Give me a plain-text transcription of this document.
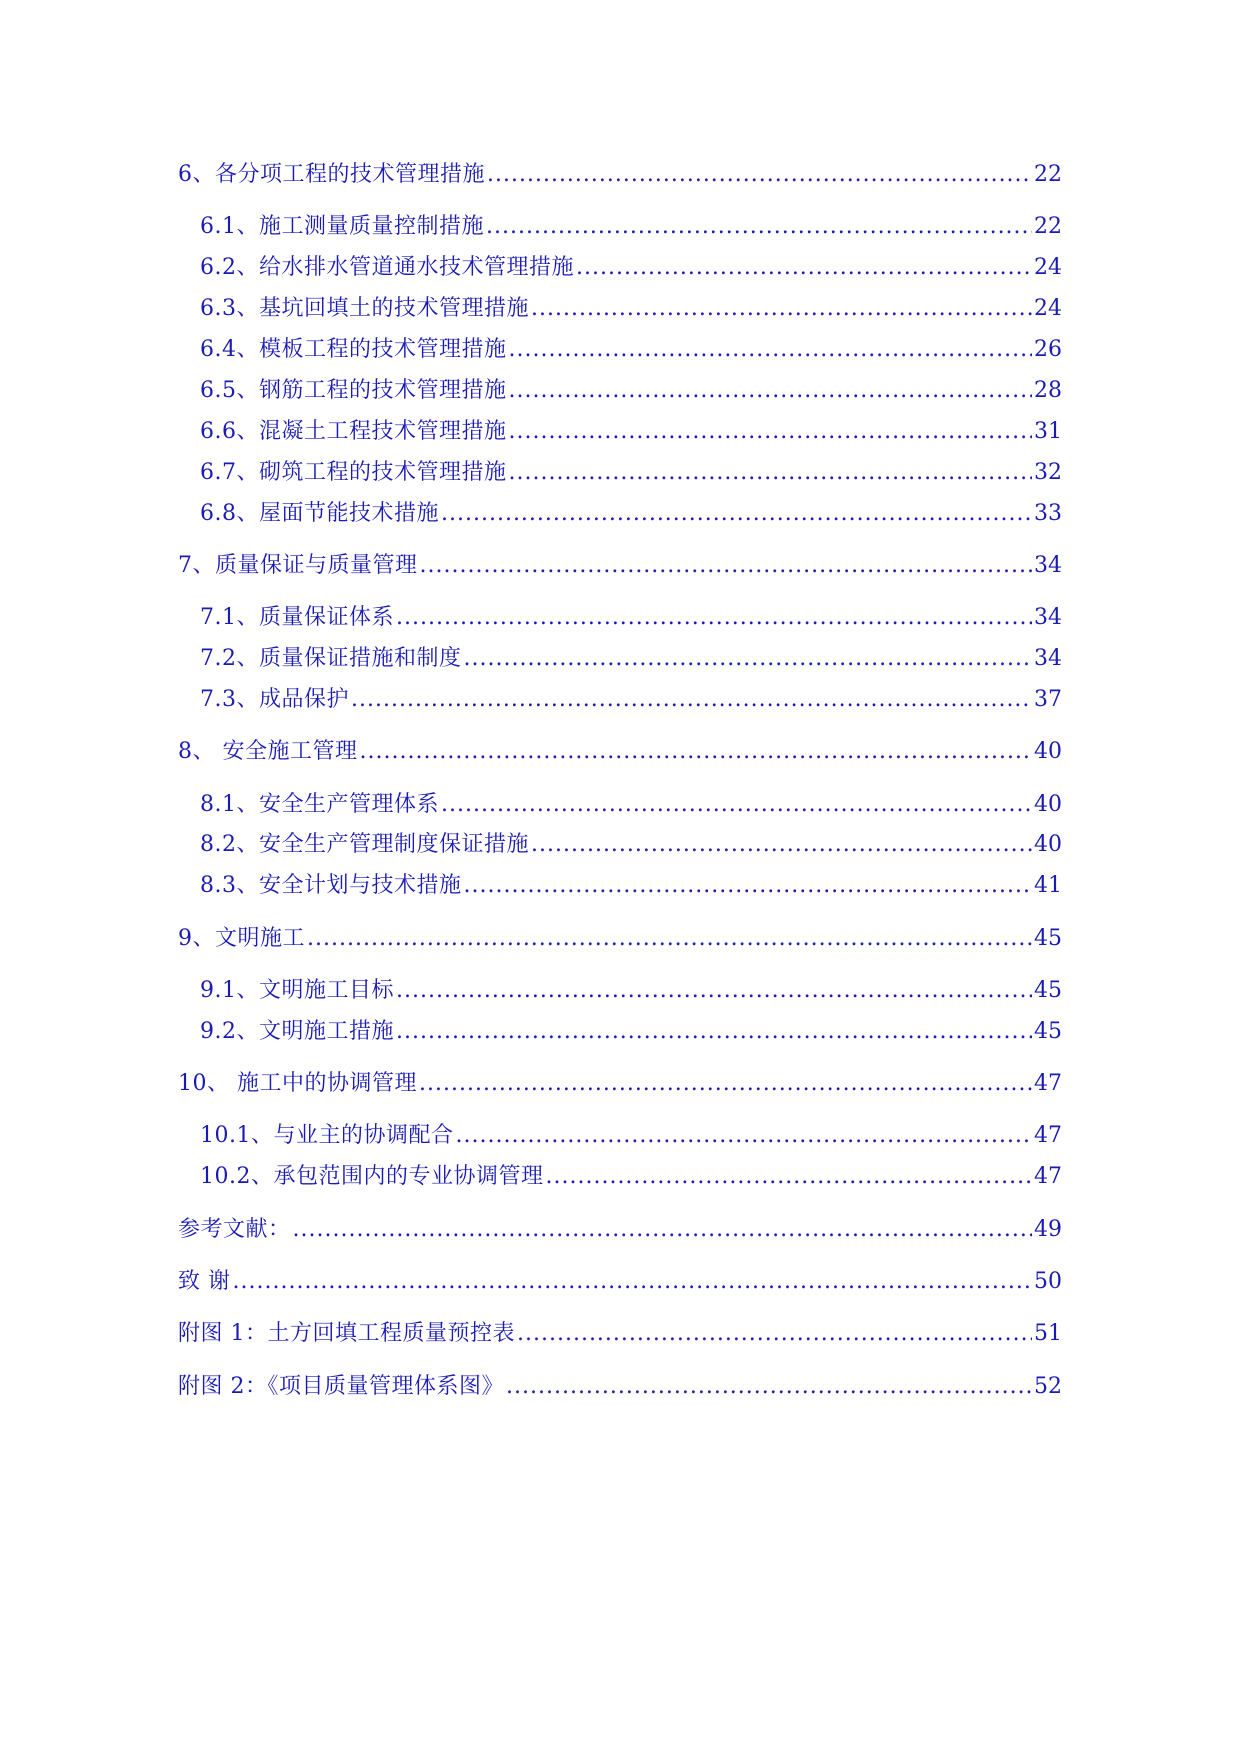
6、各分项工程的技术管理措施 .....	22
6.1、施工测量质量控制措施 .....	22
6.2、给水排水管道通水技术管理措施 .....	24
6.3、基坑回填土的技术管理措施 .....	24
6.4、模板工程的技术管理措施 .....	26
6.5、钢筋工程的技术管理措施 .....	28
6.6、混凝土工程技术管理措施 .....	31
6.7、砌筑工程的技术管理措施 .....	32
6.8、屋面节能技术措施 .....	33
7、质量保证与质量管理 .....	34
7.1、质量保证体系 .....	34
7.2、质量保证措施和制度 .....	34
7.3、成品保护 .....	37
8、 安全施工管理 .....	40
8.1、安全生产管理体系 .....	40
8.2、安全生产管理制度保证措施 .....	40
8.3、安全计划与技术措施 .....	41
9、文明施工 .....	45
9.1、文明施工目标 .....	45
9.2、文明施工措施 .....	45
10、 施工中的协调管理 .....	47
10.1、与业主的协调配合 .....	47
10.2、承包范围内的专业协调管理 .....	47
参考文献： .....	49
致 谢 .....	50
附图 1：土方回填工程质量预控表 .....	51
附图 2：《项目质量管理体系图》 .....	52
